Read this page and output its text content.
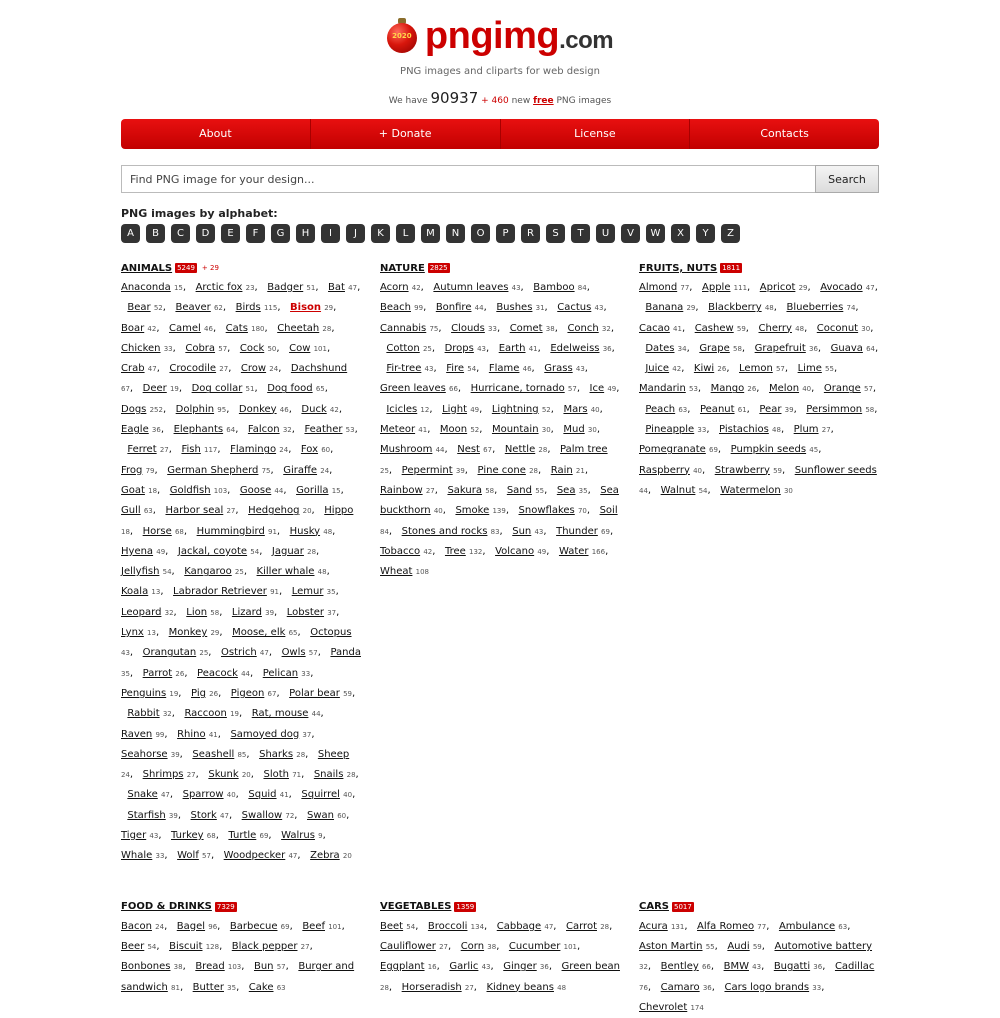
2020 pngimg.com
PNG images and cliparts for web design
We have 90937 + 460 new free PNG images
About	+ Donate	License	Contacts
Find PNG image for your design...
Search
PNG images by alphabet:
A	B	C	D	E	F	G	H	I	J	K	L	M	N	O	P	R	S	T	U	V	W	X	Y	Z
ANIMALS 5249 + 29
Anaconda 15,   Arctic fox 23,   Badger 51,   Bat 47,   Bear 52,   Beaver 62,   Birds 115,   Bison 29,   Boar 42,   Camel 46,   Cats 180,   Cheetah 28,   Chicken 33,   Cobra 57,   Cock 50,   Cow 101,   Crab 47,   Crocodile 27,   Crow 24,   Dachshund 67,   Deer 19,   Dog collar 51,   Dog food 65,   Dogs 252,   Dolphin 95,   Donkey 46,   Duck 42,   Eagle 36,   Elephants 64,   Falcon 32,   Feather 53,   Ferret 27,   Fish 117,   Flamingo 24,   Fox 60,   Frog 79,   German Shepherd 75,   Giraffe 24,   Goat 18,   Goldfish 103,   Goose 44,   Gorilla 15,   Gull 63,   Harbor seal 27,   Hedgehog 20,   Hippo 18,   Horse 68,   Hummingbird 91,   Husky 48,   Hyena 49,   Jackal, coyote 54,   Jaguar 28,   Jellyfish 54,   Kangaroo 25,   Killer whale 48,   Koala 13,   Labrador Retriever 91,   Lemur 35,   Leopard 32,   Lion 58,   Lizard 39,   Lobster 37,   Lynx 13,   Monkey 29,   Moose, elk 65,   Octopus 43,   Orangutan 25,   Ostrich 47,   Owls 57,   Panda 35,   Parrot 26,   Peacock 44,   Pelican 33,   Penguins 19,   Pig 26,   Pigeon 67,   Polar bear 59,   Rabbit 32,   Raccoon 19,   Rat, mouse 44,   Raven 99,   Rhino 41,   Samoyed dog 37,   Seahorse 39,   Seashell 85,   Sharks 28,   Sheep 24,   Shrimps 27,   Skunk 20,   Sloth 71,   Snails 28,   Snake 47,   Sparrow 40,   Squid 41,   Squirrel 40,   Starfish 39,   Stork 47,   Swallow 72,   Swan 60,   Tiger 43,   Turkey 68,   Turtle 69,   Walrus 9,   Whale 33,   Wolf 57,   Woodpecker 47,   Zebra 20
NATURE 2825
Acorn 42,   Autumn leaves 43,   Bamboo 84,   Beach 99,   Bonfire 44,   Bushes 31,   Cactus 43,   Cannabis 75,   Clouds 33,   Comet 38,   Conch 32,   Cotton 25,   Drops 43,   Earth 41,   Edelweiss 36,   Fir-tree 43,   Fire 54,   Flame 46,   Grass 43,   Green leaves 66,   Hurricane, tornado 57,   Ice 49,   Icicles 12,   Light 49,   Lightning 52,   Mars 40,   Meteor 41,   Moon 52,   Mountain 30,   Mud 30,   Mushroom 44,   Nest 67,   Nettle 28,   Palm tree 25,   Pepermint 39,   Pine cone 28,   Rain 21,   Rainbow 27,   Sakura 58,   Sand 55,   Sea 35,   Sea buckthorn 40,   Smoke 139,   Snowflakes 70,   Soil 84,   Stones and rocks 83,   Sun 43,   Thunder 69,   Tobacco 42,   Tree 132,   Volcano 49,   Water 166,   Wheat 108
FRUITS, NUTS 1811
Almond 77,   Apple 111,   Apricot 29,   Avocado 47,   Banana 29,   Blackberry 48,   Blueberries 74,   Cacao 41,   Cashew 59,   Cherry 48,   Coconut 30,   Dates 34,   Grape 58,   Grapefruit 36,   Guava 64,   Juice 42,   Kiwi 26,   Lemon 57,   Lime 55,   Mandarin 53,   Mango 26,   Melon 40,   Orange 57,   Peach 63,   Peanut 61,   Pear 39,   Persimmon 58,   Pineapple 33,   Pistachios 48,   Plum 27,   Pomegranate 69,   Pumpkin seeds 45,   Raspberry 40,   Strawberry 59,   Sunflower seeds 44,   Walnut 54,   Watermelon 30
FOOD & DRINKS 7329
Bacon 24,   Bagel 96,   Barbecue 69,   Beef 101,   Beer 54,   Biscuit 128,   Black pepper 27,   Bonbones 38,   Bread 103,   Bun 57,   Burger and sandwich 81,   Butter 35,   Cake 63
VEGETABLES 1359
Beet 54,   Broccoli 134,   Cabbage 47,   Carrot 28,   Cauliflower 27,   Corn 38,   Cucumber 101,   Eggplant 16,   Garlic 43,   Ginger 36,   Green bean 28,   Horseradish 27,   Kidney beans 48
CARS 5017
Acura 131,   Alfa Romeo 77,   Ambulance 63,   Aston Martin 55,   Audi 59,   Automotive battery 32,   Bentley 66,   BMW 43,   Bugatti 36,   Cadillac 76,   Camaro 36,   Cars logo brands 33,   Chevrolet 174
